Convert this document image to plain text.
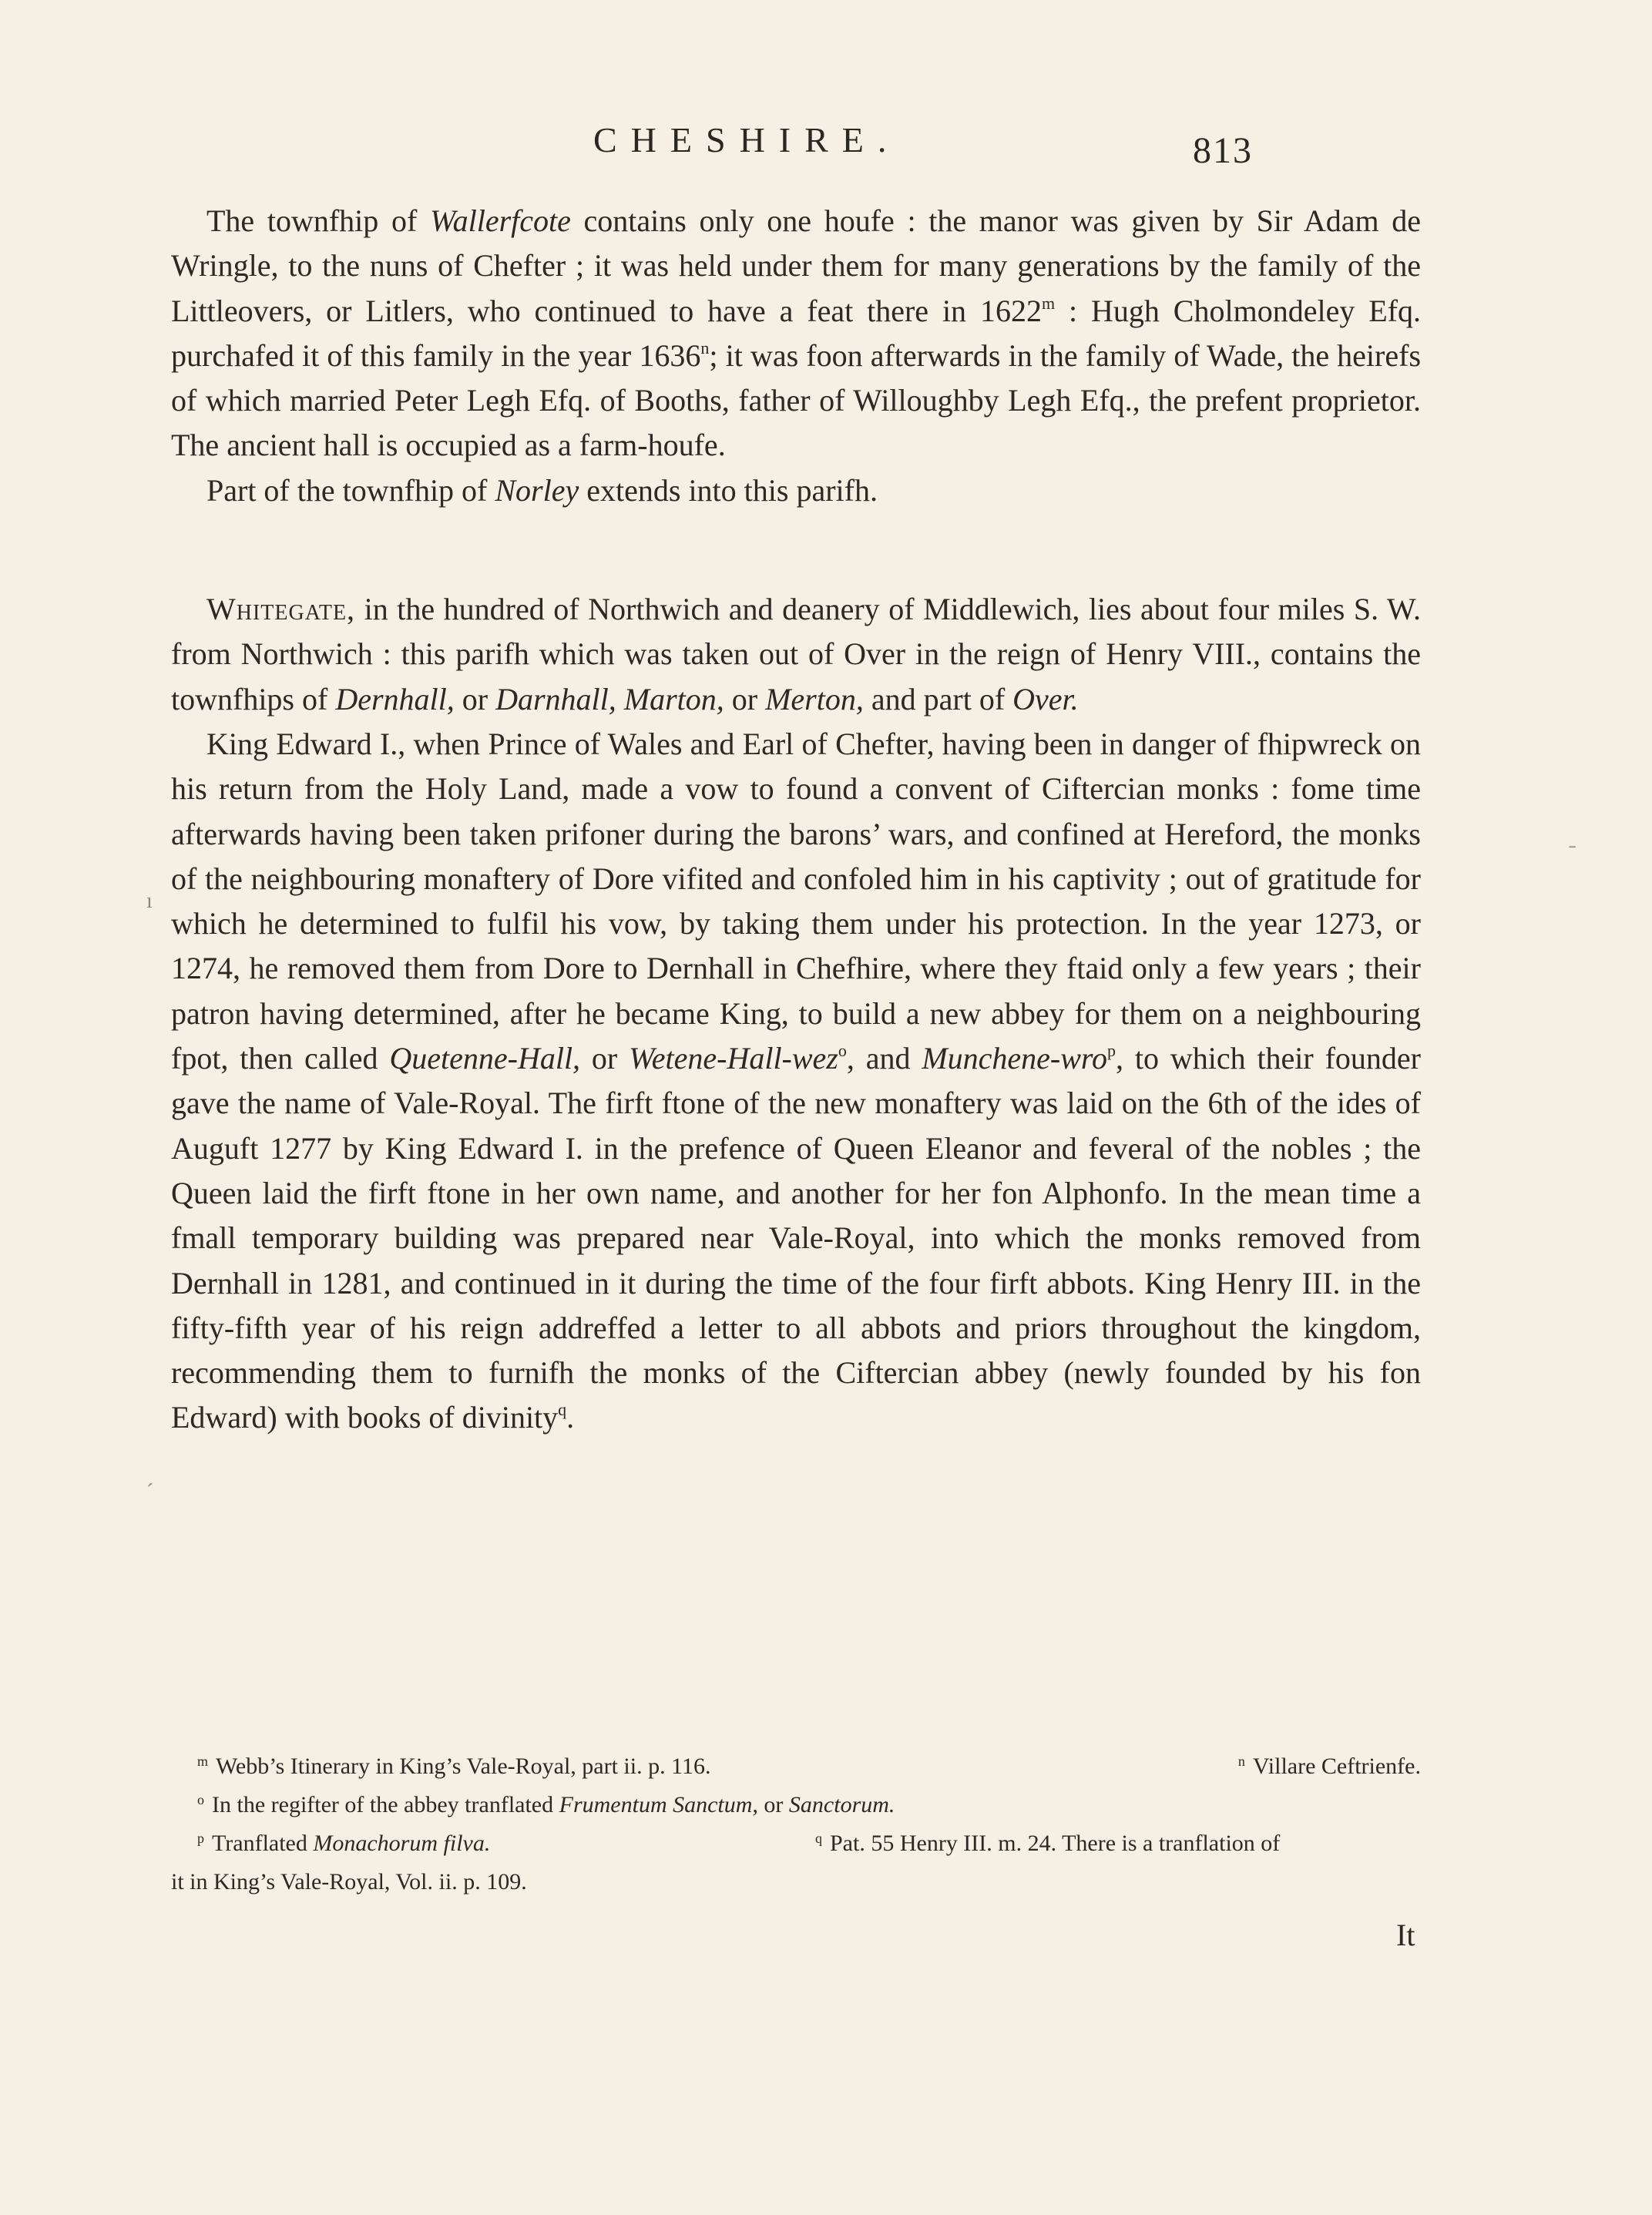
CHESHIRE.	813

The townfhip of Wallerfcote contains only one houfe : the manor was given by Sir Adam de Wringle, to the nuns of Chefter ; it was held under them for many generations by the family of the Littleovers, or Litlers, who continued to have a feat there in 1622$^m$ : Hugh Cholmondeley Efq. purchafed it of this family in the year 1636$^n$; it was foon afterwards in the family of Wade, the heirefs of which married Peter Legh Efq. of Booths, father of Willoughby Legh Efq., the prefent proprietor. The ancient hall is occupied as a farm-houfe.

Part of the townfhip of Norley extends into this parifh.

Whitegate, in the hundred of Northwich and deanery of Middlewich, lies about four miles S. W. from Northwich : this parifh which was taken out of Over in the reign of Henry VIII., contains the townfhips of Dernhall, or Darnhall, Marton, or Merton, and part of Over.

King Edward I., when Prince of Wales and Earl of Chefter, having been in danger of fhipwreck on his return from the Holy Land, made a vow to found a convent of Ciftercian monks : fome time afterwards having been taken prifoner during the barons’ wars, and confined at Hereford, the monks of the neighbouring monaftery of Dore vifited and confoled him in his captivity ; out of gratitude for which he determined to fulfil his vow, by taking them under his protection. In the year 1273, or 1274, he removed them from Dore to Dernhall in Chefhire, where they ftaid only a few years ; their patron having determined, after he became King, to build a new abbey for them on a neighbouring fpot, then called Quetenne-Hall, or Wetene-Hall-wez$^o$, and Munchene-wro$^p$, to which their founder gave the name of Vale-Royal. The firft ftone of the new monaftery was laid on the 6th of the ides of Auguft 1277 by King Edward I. in the prefence of Queen Eleanor and feveral of the nobles ; the Queen laid the firft ftone in her own name, and another for her fon Alphonfo. In the mean time a fmall temporary building was prepared near Vale-Royal, into which the monks removed from Dernhall in 1281, and continued in it during the time of the four firft abbots. King Henry III. in the fifty-fifth year of his reign addreffed a letter to all abbots and priors throughout the kingdom, recommending them to furnifh the monks of the Ciftercian abbey (newly founded by his fon Edward) with books of divinity$^q$.

$^m$ Webb’s Itinerary in King’s Vale-Royal, part ii. p. 116.	$^n$ Villare Ceftrienfe.
$^o$ In the regifter of the abbey tranflated Frumentum Sanctum, or Sanctorum.
$^p$ Tranflated Monachorum filva.	$^q$ Pat. 55 Henry III. m. 24. There is a tranflation of
it in King’s Vale-Royal, Vol. ii. p. 109.
It
˗
ı
ˊ
